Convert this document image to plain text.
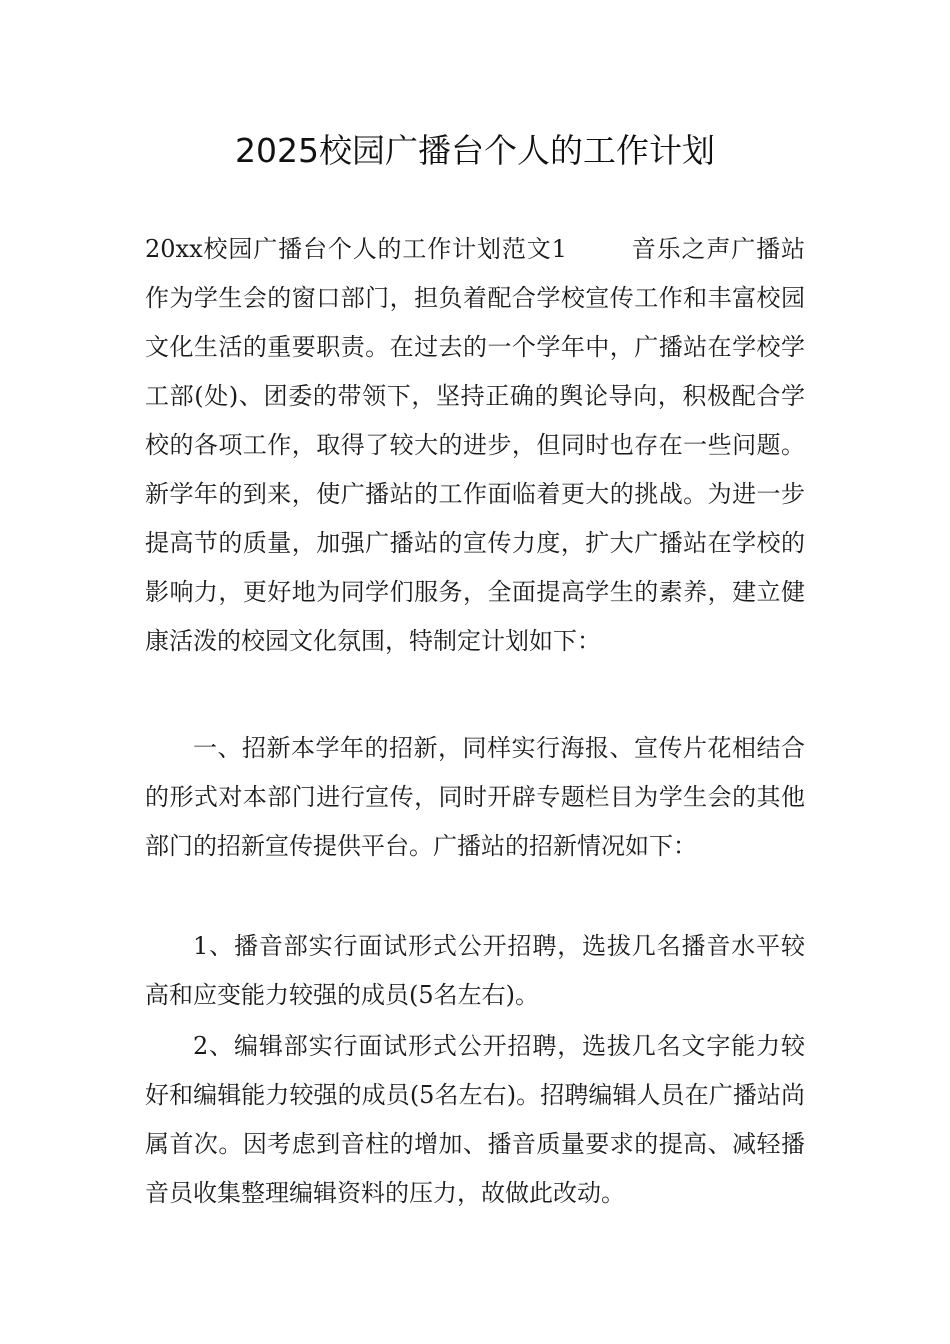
2025校园广播台个人的工作计划

20xx校园广播台个人的工作计划范文1	音乐之声广播站作为学生会的窗口部门，担负着配合学校宣传工作和丰富校园文化生活的重要职责。在过去的一个学年中，广播站在学校学工部(处)、团委的带领下，坚持正确的舆论导向，积极配合学校的各项工作，取得了较大的进步，但同时也存在一些问题。新学年的到来，使广播站的工作面临着更大的挑战。为进一步提高节的质量，加强广播站的宣传力度，扩大广播站在学校的影响力，更好地为同学们服务，全面提高学生的素养，建立健康活泼的校园文化氛围，特制定计划如下：

一、招新本学年的招新，同样实行海报、宣传片花相结合的形式对本部门进行宣传，同时开辟专题栏目为学生会的其他部门的招新宣传提供平台。广播站的招新情况如下：

1、播音部实行面试形式公开招聘，选拔几名播音水平较高和应变能力较强的成员(5名左右)。

2、编辑部实行面试形式公开招聘，选拔几名文字能力较好和编辑能力较强的成员(5名左右)。招聘编辑人员在广播站尚属首次。因考虑到音柱的增加、播音质量要求的提高、减轻播音员收集整理编辑资料的压力，故做此改动。
